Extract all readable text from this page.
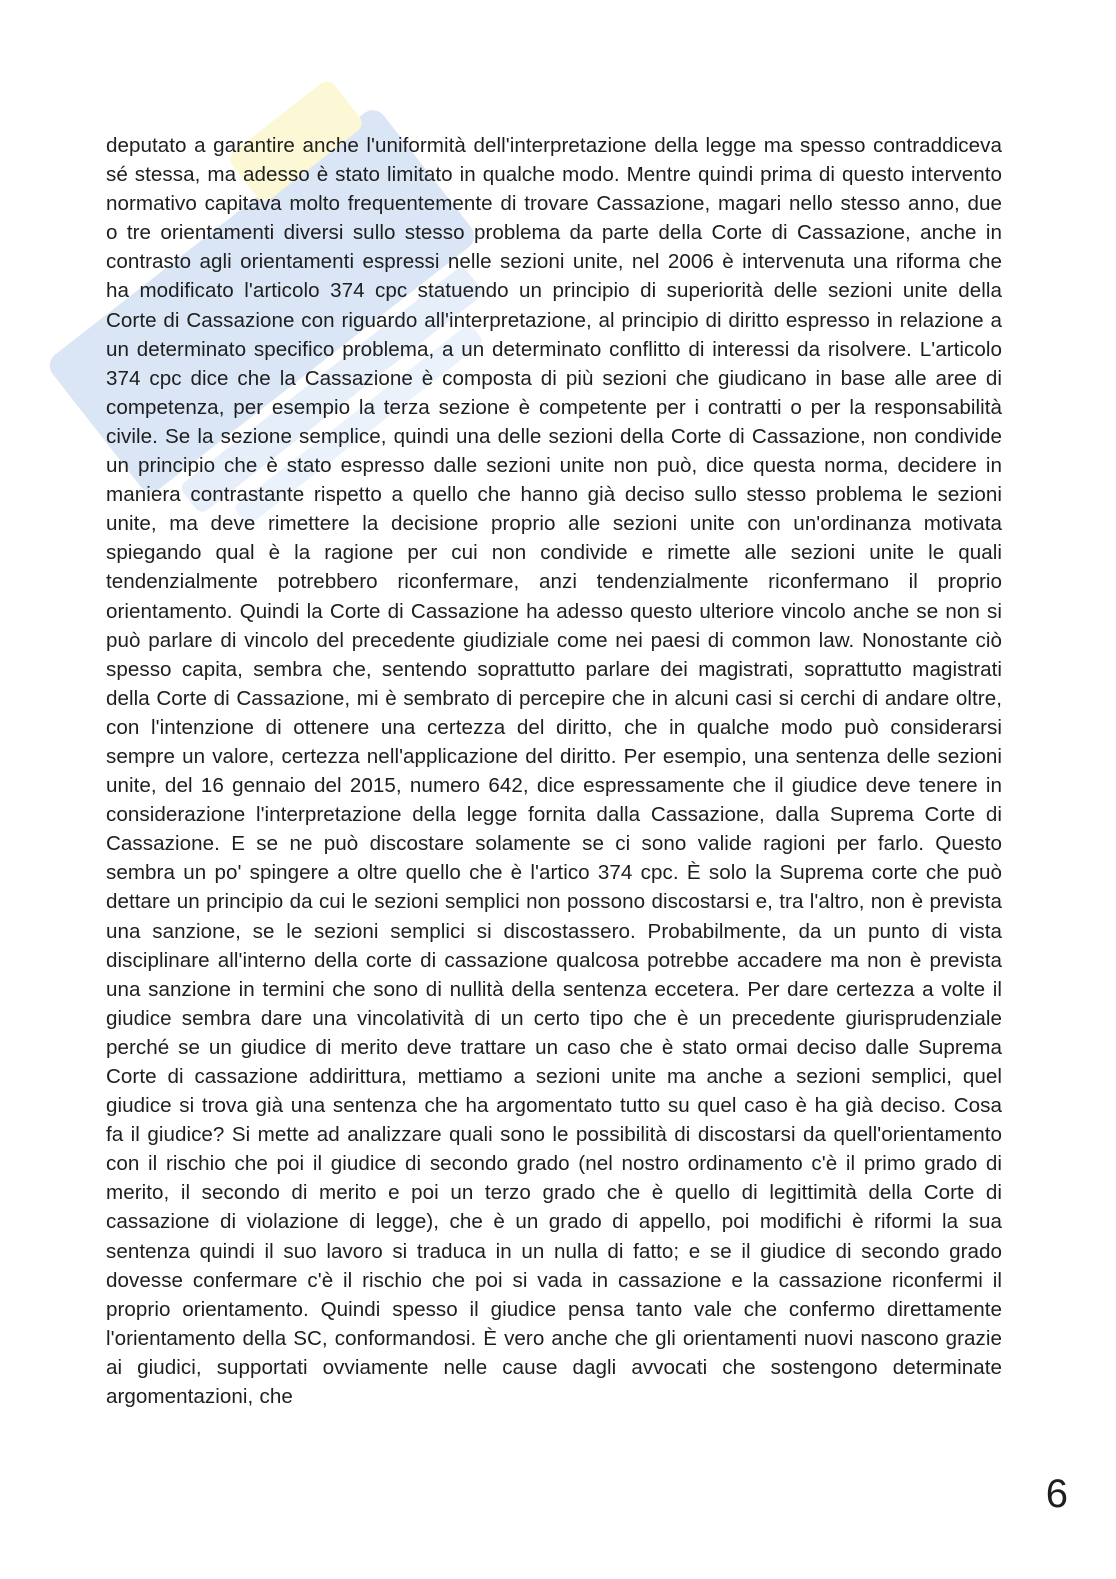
deputato a garantire anche l'uniformità dell'interpretazione della legge ma spesso contraddiceva sé stessa, ma adesso è stato limitato in qualche modo. Mentre quindi prima di questo intervento normativo capitava molto frequentemente di trovare Cassazione, magari nello stesso anno, due o tre orientamenti diversi sullo stesso problema da parte della Corte di Cassazione, anche in contrasto agli orientamenti espressi nelle sezioni unite, nel 2006 è intervenuta una riforma che ha modificato l'articolo 374 cpc statuendo un principio di superiorità delle sezioni unite della Corte di Cassazione con riguardo all'interpretazione, al principio di diritto espresso in relazione a un determinato specifico problema, a un determinato conflitto di interessi da risolvere. L'articolo 374 cpc dice che la Cassazione è composta di più sezioni che giudicano in base alle aree di competenza, per esempio la terza sezione è competente per i contratti o per la responsabilità civile. Se la sezione semplice, quindi una delle sezioni della Corte di Cassazione, non condivide un principio che è stato espresso dalle sezioni unite non può, dice questa norma, decidere in maniera contrastante rispetto a quello che hanno già deciso sullo stesso problema le sezioni unite, ma deve rimettere la decisione proprio alle sezioni unite con un'ordinanza motivata spiegando qual è la ragione per cui non condivide e rimette alle sezioni unite le quali tendenzialmente potrebbero riconfermare, anzi tendenzialmente riconfermano il proprio orientamento. Quindi la Corte di Cassazione ha adesso questo ulteriore vincolo anche se non si può parlare di vincolo del precedente giudiziale come nei paesi di common law. Nonostante ciò spesso capita, sembra che, sentendo soprattutto parlare dei magistrati, soprattutto magistrati della Corte di Cassazione, mi è sembrato di percepire che in alcuni casi si cerchi di andare oltre, con l'intenzione di ottenere una certezza del diritto, che in qualche modo può considerarsi sempre un valore, certezza nell'applicazione del diritto. Per esempio, una sentenza delle sezioni unite, del 16 gennaio del 2015, numero 642, dice espressamente che il giudice deve tenere in considerazione l'interpretazione della legge fornita dalla Cassazione, dalla Suprema Corte di Cassazione. E se ne può discostare solamente se ci sono valide ragioni per farlo. Questo sembra un po' spingere a oltre quello che è l'artico 374 cpc. È solo la Suprema corte che può dettare un principio da cui le sezioni semplici non possono discostarsi e, tra l'altro, non è prevista una sanzione, se le sezioni semplici si discostassero. Probabilmente, da un punto di vista disciplinare all'interno della corte di cassazione qualcosa potrebbe accadere ma non è prevista una sanzione in termini che sono di nullità della sentenza eccetera. Per dare certezza a volte il giudice sembra dare una vincolatività di un certo tipo che è un precedente giurisprudenziale perché se un giudice di merito deve trattare un caso che è stato ormai deciso dalle Suprema Corte di cassazione addirittura, mettiamo a sezioni unite ma anche a sezioni semplici, quel giudice si trova già una sentenza che ha argomentato tutto su quel caso è ha già deciso. Cosa fa il giudice? Si mette ad analizzare quali sono le possibilità di discostarsi da quell'orientamento con il rischio che poi il giudice di secondo grado (nel nostro ordinamento c'è il primo grado di merito, il secondo di merito e poi un terzo grado che è quello di legittimità della Corte di cassazione di violazione di legge), che è un grado di appello, poi modifichi è riformi la sua sentenza quindi il suo lavoro si traduca in un nulla di fatto; e se il giudice di secondo grado dovesse confermare c'è il rischio che poi si vada in cassazione e la cassazione riconfermi il proprio orientamento. Quindi spesso il giudice pensa tanto vale che confermo direttamente l'orientamento della SC, conformandosi. È vero anche che gli orientamenti nuovi nascono grazie ai giudici, supportati ovviamente nelle cause dagli avvocati che sostengono determinate argomentazioni, che
6
